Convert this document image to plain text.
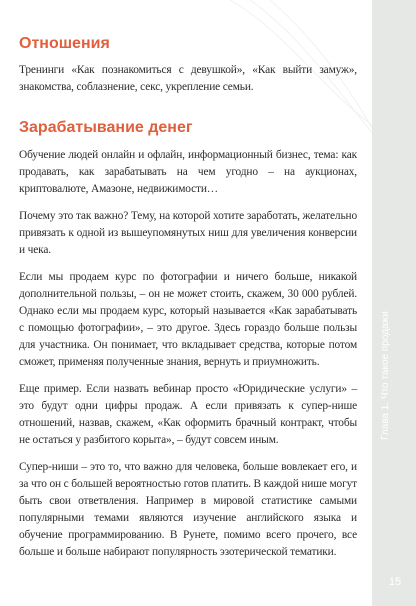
Глава 1. Что такое продажи
15
Отношения

Тренинги «Как познакомиться с девушкой», «Как выйти замуж», знакомства, соблазнение, секс, укрепление семьи.

Зарабатывание денег

Обучение людей онлайн и офлайн, информационный бизнес, тема: как продавать, как зарабатывать на чем угодно – на аукционах, криптовалюте, Амазоне, недвижимости…

Почему это так важно? Тему, на которой хотите заработать, желательно привязать к одной из вышеупомянутых ниш для увеличения конверсии и чека.

Если мы продаем курс по фотографии и ничего больше, никакой дополнительной пользы, – он не может стоить, скажем, 30 000 рублей. Однако если мы продаем курс, который называется «Как зарабатывать с помощью фотографии», – это другое. Здесь гораздо больше пользы для участника. Он понимает, что вкладывает средства, которые потом сможет, применяя полученные знания, вернуть и приумножить.

Еще пример. Если назвать вебинар просто «Юридические услуги» – это будут одни цифры продаж. А если привязать к супер-нише отношений, назвав, скажем, «Как оформить брачный контракт, чтобы не остаться у разбитого корыта», – будут совсем иным.

Супер-ниши – это то, что важно для человека, больше вовлекает его, и за что он с большей вероятностью готов платить. В каждой нише могут быть свои ответвления. Например в мировой статистике самыми популярными темами являются изучение английского языка и обучение программированию. В Рунете, помимо всего прочего, все больше и больше набирают популярность эзотерической тематики.
